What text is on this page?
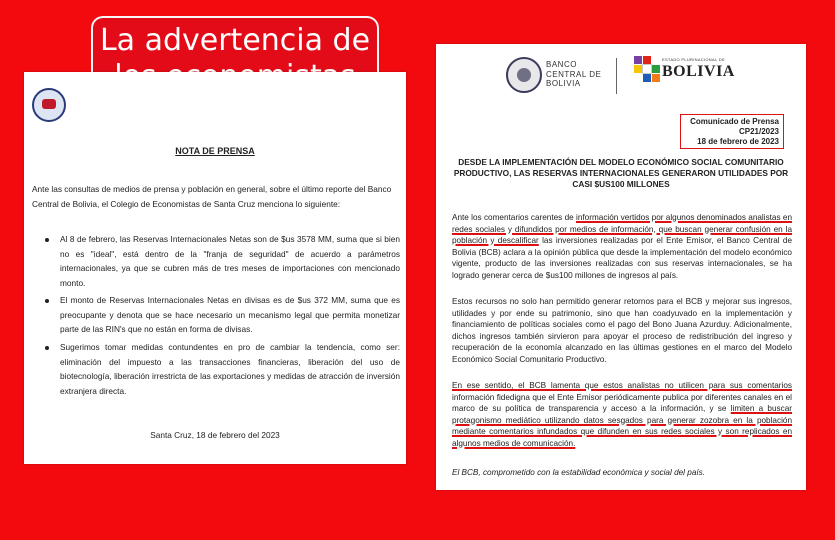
La advertencia de
NOTA DE PRENSA
Ante las consultas de medios de prensa y población en general, sobre el último reporte del Banco Central de Bolivia, el Colegio de Economistas de Santa Cruz menciona lo siguiente:
Al 8 de febrero, las Reservas Internacionales Netas son de $us 3578 MM, suma que si bien no es "ideal", está dentro de la "franja de seguridad" de acuerdo a parámetros internacionales, ya que se cubren más de tres meses de importaciones con mencionado monto.
El monto de Reservas Internacionales Netas en divisas es de $us 372 MM, suma que es preocupante y denota que se hace necesario un mecanismo legal que permita monetizar parte de las RIN's que no están en forma de divisas.
Sugerimos tomar medidas contundentes en pro de cambiar la tendencia, como ser: eliminación del impuesto a las transacciones financieras, liberación del uso de biotecnología, liberación irrestricta de las exportaciones y medidas de atracción de inversión extranjera directa.
Santa Cruz, 18 de febrero del 2023
BANCO
CENTRAL DE
BOLIVIA
ESTADO PLURINACIONAL DE
BOLIVIA
Comunicado de Prensa
CP21/2023
18 de febrero de 2023
DESDE LA IMPLEMENTACIÓN DEL MODELO ECONÓMICO SOCIAL COMUNITARIO PRODUCTIVO, LAS RESERVAS INTERNACIONALES GENERARON UTILIDADES POR CASI $US100 MILLONES
Ante los comentarios carentes de información vertidos por algunos denominados analistas en redes sociales y difundidos por medios de información, que buscan generar confusión en la población y descalificar las inversiones realizadas por el Ente Emisor, el Banco Central de Bolivia (BCB) aclara a la opinión pública que desde la implementación del modelo económico vigente, producto de las inversiones realizadas con sus reservas internacionales, se ha logrado generar cerca de $us100 millones de ingresos al país.
Estos recursos no solo han permitido generar retornos para el BCB y mejorar sus ingresos, utilidades y por ende su patrimonio, sino que han coadyuvado en la implementación y financiamiento de políticas sociales como el pago del Bono Juana Azurduy. Adicionalmente, dichos ingresos también sirvieron para apoyar el proceso de redistribución del ingreso y recuperación de la economía alcanzado en las últimas gestiones en el marco del Modelo Económico Social Comunitario Productivo.
En ese sentido, el BCB lamenta que estos analistas no utilicen para sus comentarios información fidedigna que el Ente Emisor periódicamente publica por diferentes canales en el marco de su política de transparencia y acceso a la información, y se limiten a buscar protagonismo mediático utilizando datos sesgados para generar zozobra en la población mediante comentarios infundados que difunden en sus redes sociales y son replicados en algunos medios de comunicación.
El BCB, comprometido con la estabilidad económica y social del país.
